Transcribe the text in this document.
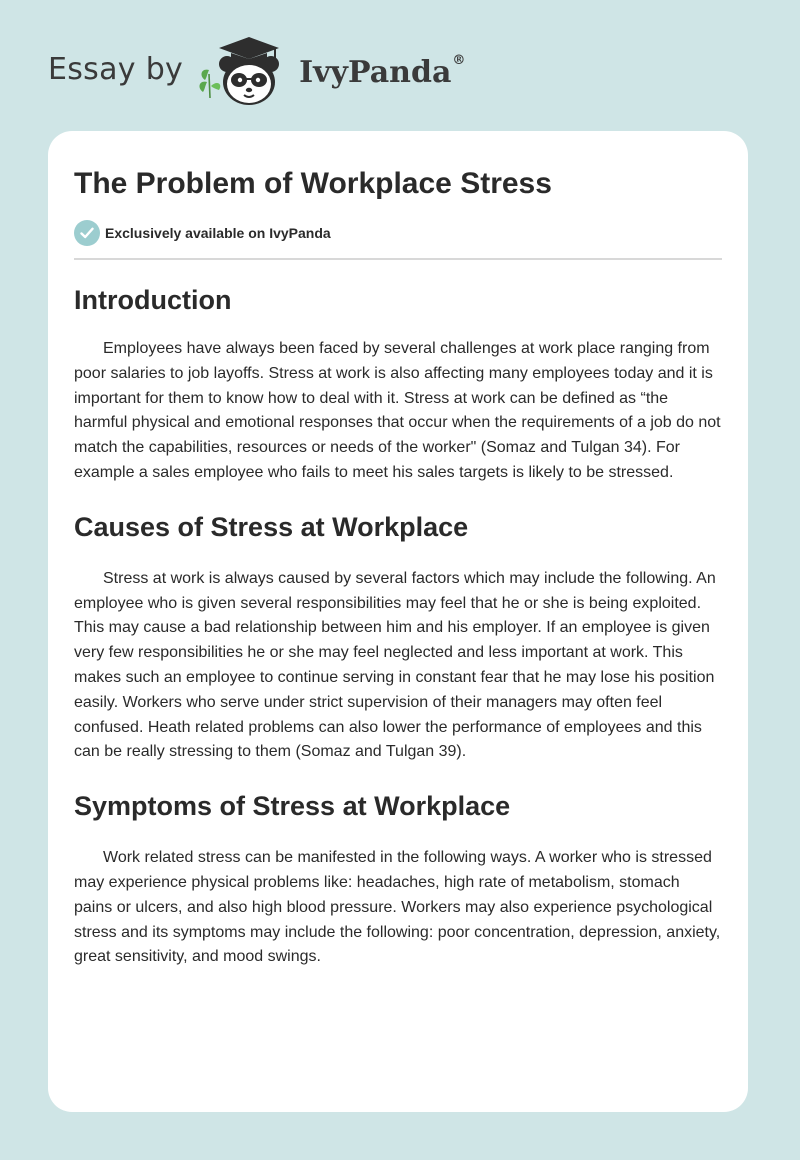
Essay by	IvyPanda®
The Problem of Workplace Stress
Exclusively available on IvyPanda
Introduction

Employees have always been faced by several challenges at work place ranging from poor salaries to job layoffs. Stress at work is also affecting many employees today and it is important for them to know how to deal with it. Stress at work can be defined as “the harmful physical and emotional responses that occur when the requirements of a job do not match the capabilities, resources or needs of the worker" (Somaz and Tulgan 34). For example a sales employee who fails to meet his sales targets is likely to be stressed.

Causes of Stress at Workplace

Stress at work is always caused by several factors which may include the following. An employee who is given several responsibilities may feel that he or she is being exploited. This may cause a bad relationship between him and his employer. If an employee is given very few responsibilities he or she may feel neglected and less important at work. This makes such an employee to continue serving in constant fear that he may lose his position easily. Workers who serve under strict supervision of their managers may often feel confused. Heath related problems can also lower the performance of employees and this can be really stressing to them (Somaz and Tulgan 39).

Symptoms of Stress at Workplace

Work related stress can be manifested in the following ways. A worker who is stressed may experience physical problems like: headaches, high rate of metabolism, stomach pains or ulcers, and also high blood pressure. Workers may also experience psychological stress and its symptoms may include the following: poor concentration, depression, anxiety, great sensitivity, and mood swings.
